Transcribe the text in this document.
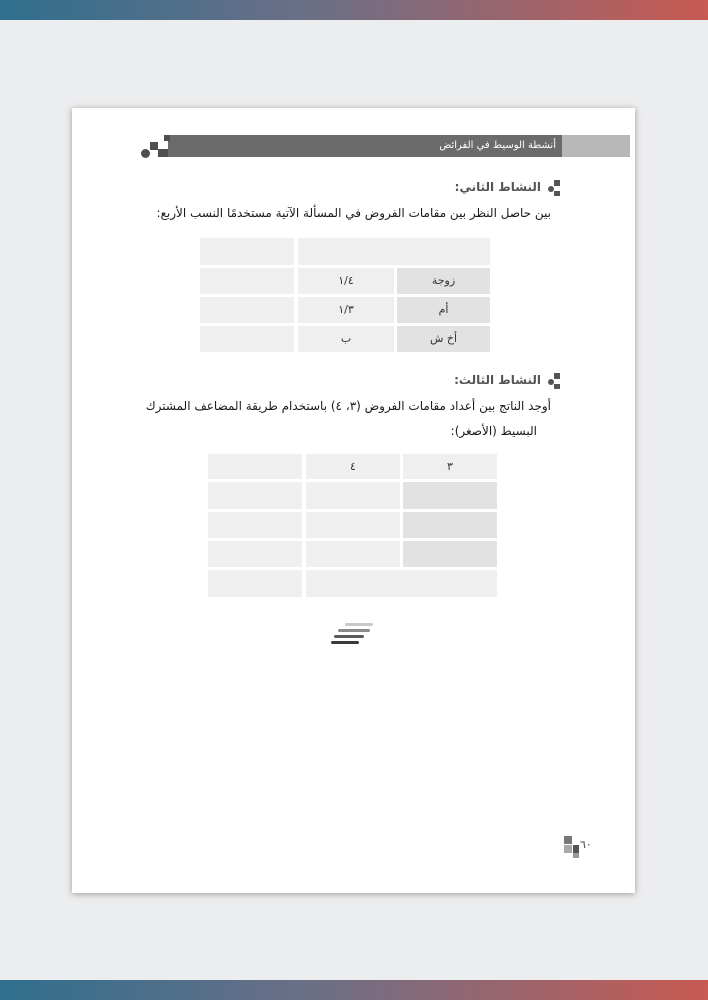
أنشطة الوسيط في الفرائض
النشاط الثاني:
بين حاصل النظر بين مقامات الفروض في المسألة الآتية مستخدمًا النسب الأربع:
١/٤	زوجة
١/٣	أم
ب	أخ ش
النشاط الثالث:
أوجد الناتج بين أعداد مقامات الفروض (٣، ٤) باستخدام طريقة المضاعف المشترك
البسيط (الأصغر):
٤	٣
٦٠
